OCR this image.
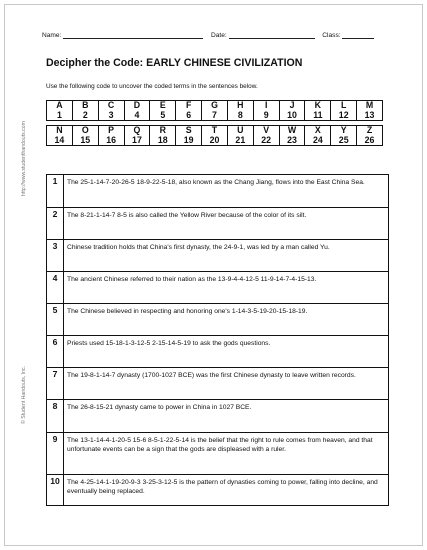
Name:	Date:	Class:
Decipher the Code: EARLY CHINESE CIVILIZATION
Use the following code to uncover the coded terms in the sentences below.
http://www.studenthandouts.com
© Student Handouts, Inc.
A	B	C	D	E	F	G	H	I	J	K	L	M
1	2	3	4	5	6	7	8	9	10	11	12	13

N	O	P	Q	R	S	T	U	V	W	X	Y	Z
14	15	16	17	18	19	20	21	22	23	24	25	26
1	The 25-1-14-7-20-26-5 18-9-22-5-18, also known as the Chang Jiang, flows into the East China Sea.
2	The 8-21-1-14-7 8-5 is also called the Yellow River because of the color of its silt.
3	Chinese tradition holds that China's first dynasty, the 24-9-1, was led by a man called Yu.
4	The ancient Chinese referred to their nation as the 13-9-4-4-12-5 11-9-14-7-4-15-13.
5	The Chinese believed in respecting and honoring one's 1-14-3-5-19-20-15-18-19.
6	Priests used 15-18-1-3-12-5 2-15-14-5-19 to ask the gods questions.
7	The 19-8-1-14-7 dynasty (1700-1027 BCE) was the first Chinese dynasty to leave written records.
8	The 26-8-15-21 dynasty came to power in China in 1027 BCE.
9	The 13-1-14-4-1-20-5 15-6 8-5-1-22-5-14 is the belief that the right to rule comes from heaven, and that unfortunate events can be a sign that the gods are displeased with a ruler.
10	The 4-25-14-1-19-20-9-3 3-25-3-12-5 is the pattern of dynasties coming to power, falling into decline, and eventually being replaced.
